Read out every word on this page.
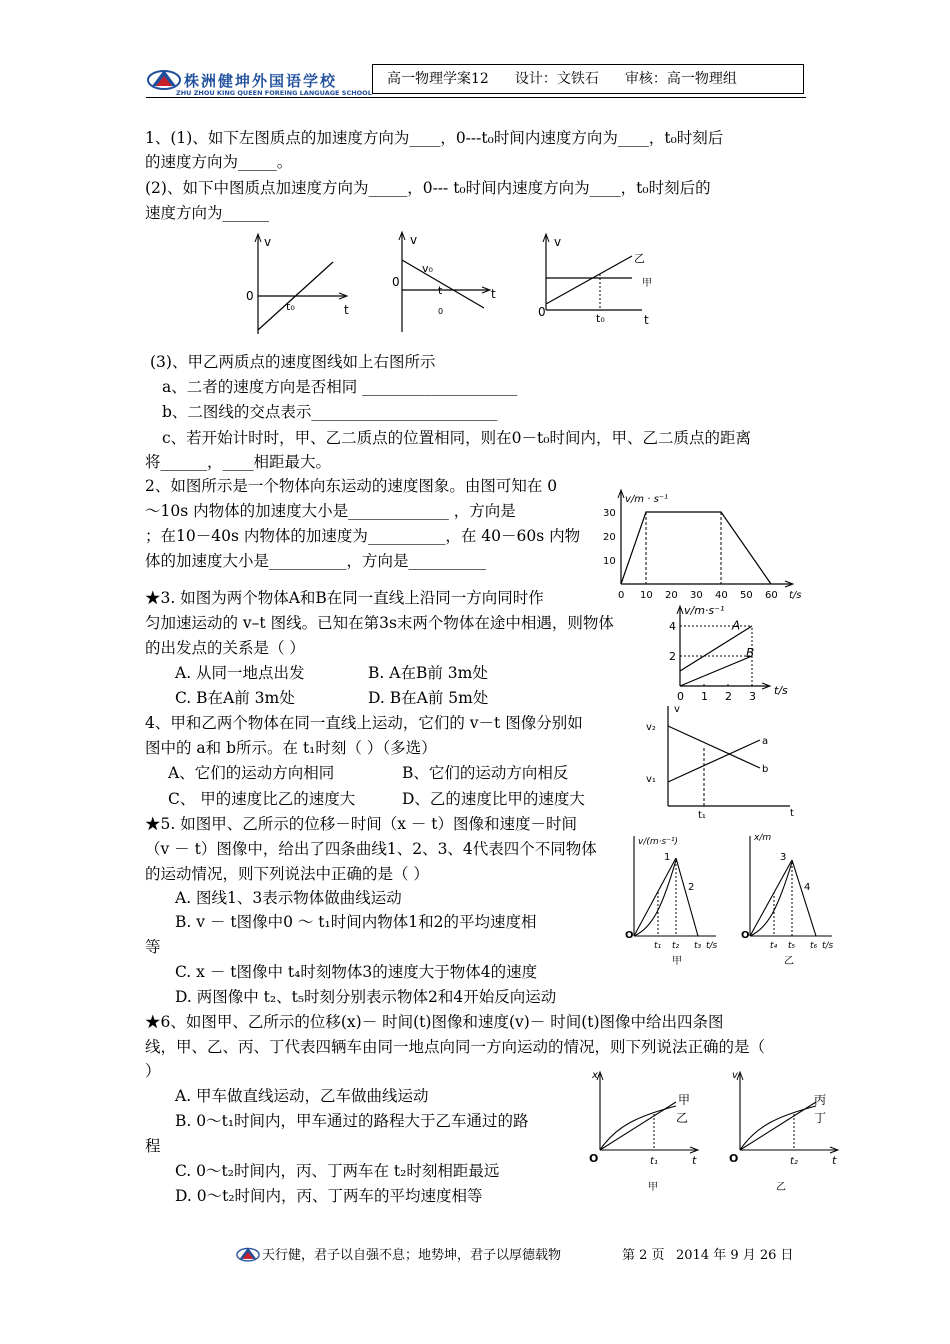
株洲健坤外国语学校
ZHU ZHOU KING QUEEN FOREING LANGUAGE SCHOOL
高一物理学案12 设计：文铁石 审核：高一物理组
1、(1)、如下左图质点的加速度方向为____，0---t₀时间内速度方向为____，t₀时刻后
的速度方向为_____。
(2)、如下中图质点加速度方向为_____，0--- t₀时间内速度方向为____，t₀时刻后的
速度方向为______
v
0
t₀	t
v
v₀
0
t
0
t
v
乙
甲
0	t₀	t
(3)、甲乙两质点的速度图线如上右图所示
a、二者的速度方向是否相同 ____________________
b、二图线的交点表示________________________
c、若开始计时时，甲、乙二质点的位置相同，则在0－t₀时间内，甲、乙二质点的距离
将______，____相距最大。
2、如图所示是一个物体向东运动的速度图象。由图可知在 0
～10s 内物体的加速度大小是_____________ ，方向是
；在10－40s 内物体的加速度为__________，在 40－60s 内物
体的加速度大小是__________，方向是__________
v/m · s⁻¹
t/s
0 10 20 30 40 50 60
10
20
30
★3. 如图为两个物体A和B在同一直线上沿同一方向同时作
匀加速运动的 v–t 图线。已知在第3s末两个物体在途中相遇，则物体
的出发点的关系是（ ）
A. 从同一地点出发	B. A在B前 3m处
C. B在A前 3m处	D. B在A前 5m处
v/m·s⁻¹
t/s
0 1 2 3
2
4	A
B
4、甲和乙两个物体在同一直线上运动，它们的 v－t 图像分别如
图中的 a和 b所示。在 t₁时刻（ ）（多选）
A、它们的运动方向相同	B、它们的运动方向相反
C、 甲的速度比乙的速度大	D、乙的速度比甲的速度大
v
v₂
v₁
a
b
t₁	t
★5. 如图甲、乙所示的位移－时间（x － t）图像和速度－时间
（v － t）图像中，给出了四条曲线1、2、3、4代表四个不同物体
的运动情况，则下列说法中正确的是（ ）
A. 图线1、3表示物体做曲线运动
B. v － t图像中0 ～ t₁时间内物体1和2的平均速度相
等
C. x － t图像中 t₄时刻物体3的速度大于物体4的速度
D. 两图像中 t₂、t₅时刻分别表示物体2和4开始反向运动
v/(m·s⁻¹)
1
2
O
t₁ t₂ t₃ t/s
甲
x/m
3
4
O
t₄ t₅ t₆ t/s
乙
★6、如图甲、乙所示的位移(x)－ 时间(t)图像和速度(v)－ 时间(t)图像中给出四条图
线，甲、乙、丙、丁代表四辆车由同一地点向同一方向运动的情况，则下列说法正确的是（
）
A. 甲车做直线运动，乙车做曲线运动
B. 0～t₁时间内，甲车通过的路程大于乙车通过的路
程
C. 0～t₂时间内，丙、丁两车在 t₂时刻相距最远
D. 0～t₂时间内，丙、丁两车的平均速度相等
x
甲
乙
O	t₁	t
甲
v
丙
丁
O	t₂	t
乙
天行健，君子以自强不息；地势坤，君子以厚德载物	第 2 页 2014 年 9 月 26 日
